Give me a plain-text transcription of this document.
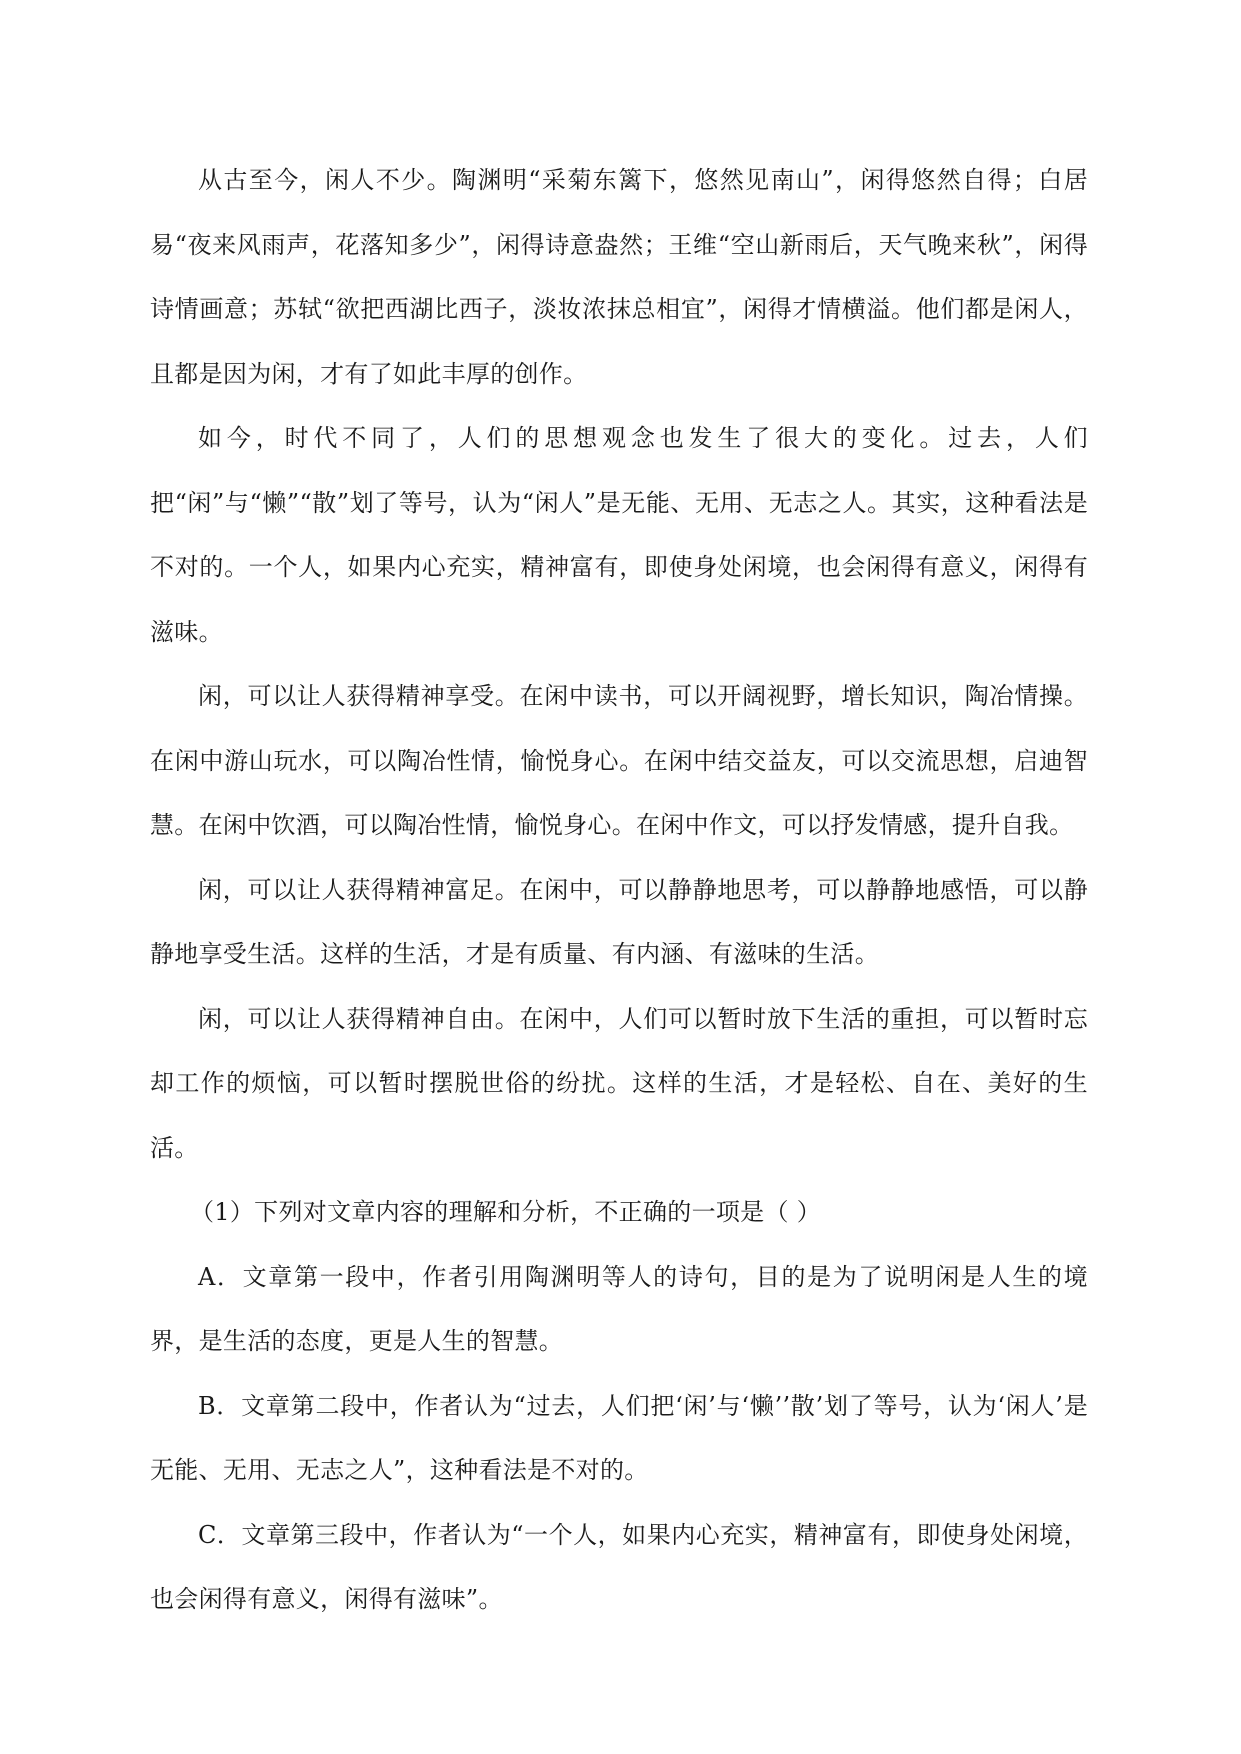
从古至今，闲人不少。陶渊明“采菊东篱下，悠然见南山”，闲得悠然自得；白居易“夜来风雨声，花落知多少”，闲得诗意盎然；王维“空山新雨后，天气晚来秋”，闲得诗情画意；苏轼“欲把西湖比西子，淡妆浓抹总相宜”，闲得才情横溢。他们都是闲人，且都是因为闲，才有了如此丰厚的创作。

如今，时代不同了，人们的思想观念也发生了很大的变化。过去，人们把“闲”与“懒”“散”划了等号，认为“闲人”是无能、无用、无志之人。其实，这种看法是不对的。一个人，如果内心充实，精神富有，即使身处闲境，也会闲得有意义，闲得有滋味。

闲，可以让人获得精神享受。在闲中读书，可以开阔视野，增长知识，陶冶情操。在闲中游山玩水，可以陶冶性情，愉悦身心。在闲中结交益友，可以交流思想，启迪智慧。在闲中饮酒，可以陶冶性情，愉悦身心。在闲中作文，可以抒发情感，提升自我。

闲，可以让人获得精神富足。在闲中，可以静静地思考，可以静静地感悟，可以静静地享受生活。这样的生活，才是有质量、有内涵、有滋味的生活。

闲，可以让人获得精神自由。在闲中，人们可以暂时放下生活的重担，可以暂时忘却工作的烦恼，可以暂时摆脱世俗的纷扰。这样的生活，才是轻松、自在、美好的生活。

（1）下列对文章内容的理解和分析，不正确的一项是（ ）

A．文章第一段中，作者引用陶渊明等人的诗句，目的是为了说明闲是人生的境界，是生活的态度，更是人生的智慧。

B．文章第二段中，作者认为“过去，人们把‘闲’与‘懒’’散’划了等号，认为‘闲人’是无能、无用、无志之人”，这种看法是不对的。

C．文章第三段中，作者认为“一个人，如果内心充实，精神富有，即使身处闲境，也会闲得有意义，闲得有滋味”。
